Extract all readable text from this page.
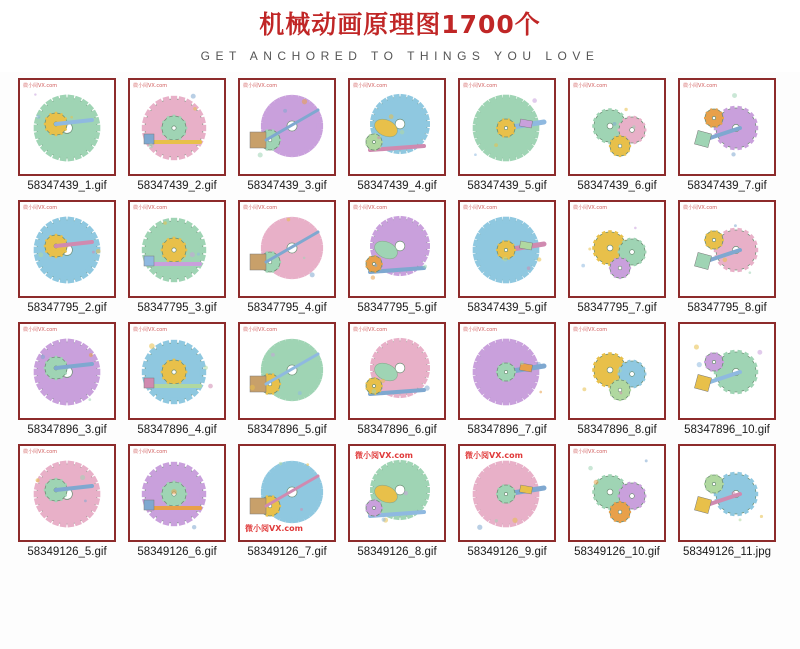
机械动画原理图1700个
GET ANCHORED TO THINGS YOU LOVE
微小阅VX.com
58347439_1.gif
微小阅VX.com
58347439_2.gif
微小阅VX.com
58347439_3.gif
微小阅VX.com
58347439_4.gif
微小阅VX.com
58347439_5.gif
微小阅VX.com
58347439_6.gif
微小阅VX.com
58347439_7.gif
微小阅VX.com
58347795_2.gif
微小阅VX.com
58347795_3.gif
微小阅VX.com
58347795_4.gif
微小阅VX.com
58347795_5.gif
微小阅VX.com
58347439_5.gif
微小阅VX.com
58347795_7.gif
微小阅VX.com
58347795_8.gif
微小阅VX.com
58347896_3.gif
微小阅VX.com
58347896_4.gif
微小阅VX.com
58347896_5.gif
微小阅VX.com
58347896_6.gif
微小阅VX.com
58347896_7.gif
微小阅VX.com
58347896_8.gif	58347896_10.gif
微小阅VX.com
58349126_5.gif
微小阅VX.com
58349126_6.gif
微小阅VX.com
58349126_7.gif
微小阅VX.com
58349126_8.gif
微小阅VX.com
58349126_9.gif
微小阅VX.com
58349126_10.gif	58349126_11.jpg
